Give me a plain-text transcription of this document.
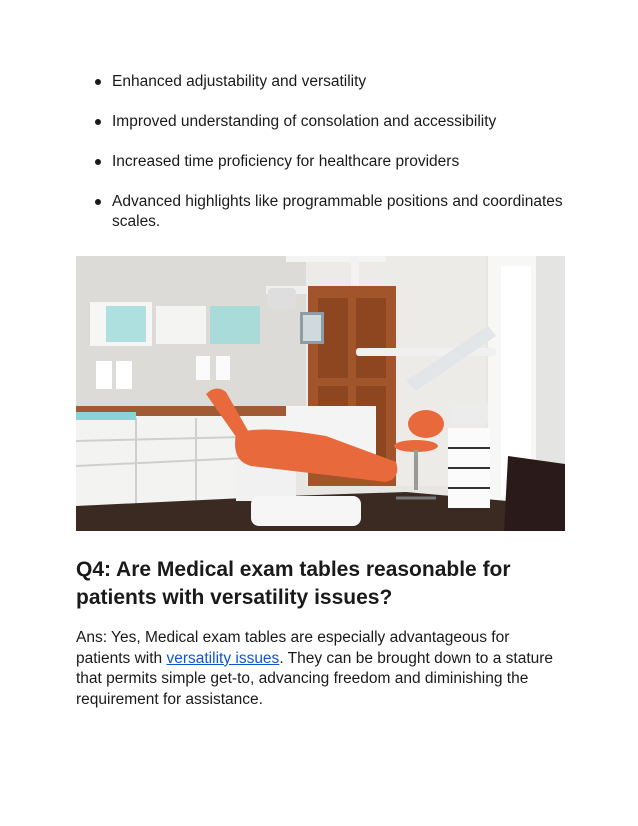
Enhanced adjustability and versatility
Improved understanding of consolation and accessibility
Increased time proficiency for healthcare providers
Advanced highlights like programmable positions and coordinates scales.
Q4: Are Medical exam tables reasonable for patients with versatility issues?

Ans: Yes, Medical exam tables are especially advantageous for patients with versatility issues. They can be brought down to a stature that permits simple get-to, advancing freedom and diminishing the requirement for assistance.
